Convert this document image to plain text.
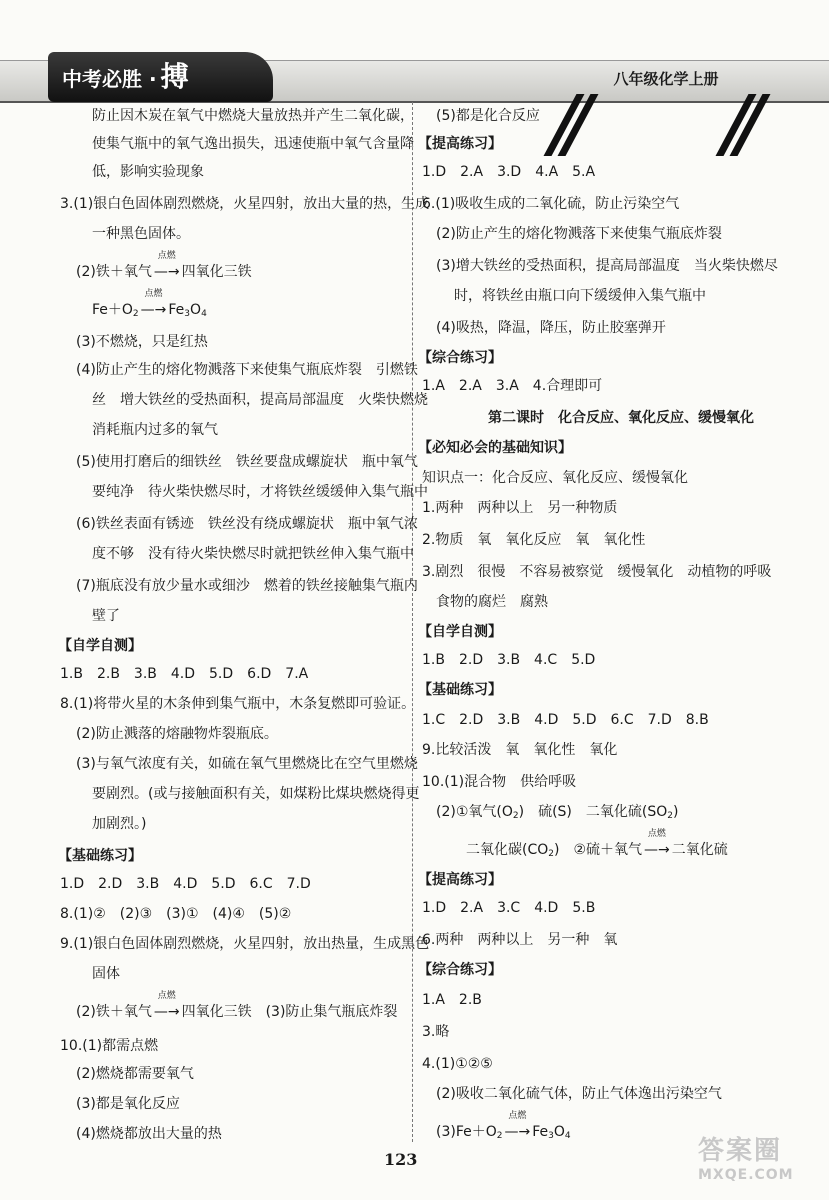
中考必胜 · 搏	八年级化学上册
防止因木炭在氧气中燃烧大量放热并产生二氧化碳，
使集气瓶中的氧气逸出损失，迅速使瓶中氧气含量降
低，影响实验现象
3.(1)银白色固体剧烈燃烧，火星四射，放出大量的热，生成
一种黑色固体。
(2)铁＋氧气
点燃
—→ 四氧化三铁
$Fe+O_2$
点燃
—→ $Fe_3O_4$
(3)不燃烧，只是红热
(4)防止产生的熔化物溅落下来使集气瓶底炸裂　引燃铁
丝　增大铁丝的受热面积，提高局部温度　火柴快燃烧
消耗瓶内过多的氧气
(5)使用打磨后的细铁丝　铁丝要盘成螺旋状　瓶中氧气
要纯净　待火柴快燃尽时，才将铁丝缓缓伸入集气瓶中
(6)铁丝表面有锈迹　铁丝没有绕成螺旋状　瓶中氧气浓
度不够　没有待火柴快燃尽时就把铁丝伸入集气瓶中
(7)瓶底没有放少量水或细沙　燃着的铁丝接触集气瓶内
壁了
【自学自测】
1.B　2.B　3.B　4.D　5.D　6.D　7.A
8.(1)将带火星的木条伸到集气瓶中，木条复燃即可验证。
(2)防止溅落的熔融物炸裂瓶底。
(3)与氧气浓度有关，如硫在氧气里燃烧比在空气里燃烧
要剧烈。(或与接触面积有关，如煤粉比煤块燃烧得更
加剧烈。)
【基础练习】
1.D　2.D　3.B　4.D　5.D　6.C　7.D
8.(1)②　(2)③　(3)①　(4)④　(5)②
9.(1)银白色固体剧烈燃烧，火星四射，放出热量，生成黑色
固体
(2)铁＋氧气
点燃
—→ 四氧化三铁　(3)防止集气瓶底炸裂
10.(1)都需点燃
(2)燃烧都需要氧气
(3)都是氧化反应
(4)燃烧都放出大量的热
(5)都是化合反应
【提高练习】
1.D　2.A　3.D　4.A　5.A
6.(1)吸收生成的二氧化硫，防止污染空气
(2)防止产生的熔化物溅落下来使集气瓶底炸裂
(3)增大铁丝的受热面积，提高局部温度　当火柴快燃尽
时，将铁丝由瓶口向下缓缓伸入集气瓶中
(4)吸热，降温，降压，防止胶塞弹开
【综合练习】
1.A　2.A　3.A　4.合理即可
第二课时　化合反应、氧化反应、缓慢氧化
【必知必会的基础知识】
知识点一：化合反应、氧化反应、缓慢氧化
1.两种　两种以上　另一种物质
2.物质　氧　氧化反应　氧　氧化性
3.剧烈　很慢　不容易被察觉　缓慢氧化　动植物的呼吸
食物的腐烂　腐熟
【自学自测】
1.B　2.D　3.B　4.C　5.D
【基础练习】
1.C　2.D　3.B　4.D　5.D　6.C　7.D　8.B
9.比较活泼　氧　氧化性　氧化
10.(1)混合物　供给呼吸
(2)①氧气$(O_2)$　硫(S)　二氧化硫$(SO_2)$
二氧化碳$(CO_2)$　②硫＋氧气
点燃
—→ 二氧化硫
【提高练习】
1.D　2.A　3.C　4.D　5.B
6.两种　两种以上　另一种　氧
【综合练习】
1.A　2.B
3.略
4.(1)①②⑤
(2)吸收二氧化硫气体，防止气体逸出污染空气
$(3)Fe+O_2$
点燃
—→ $Fe_3O_4$
123	答案圈
MXQE.COM
